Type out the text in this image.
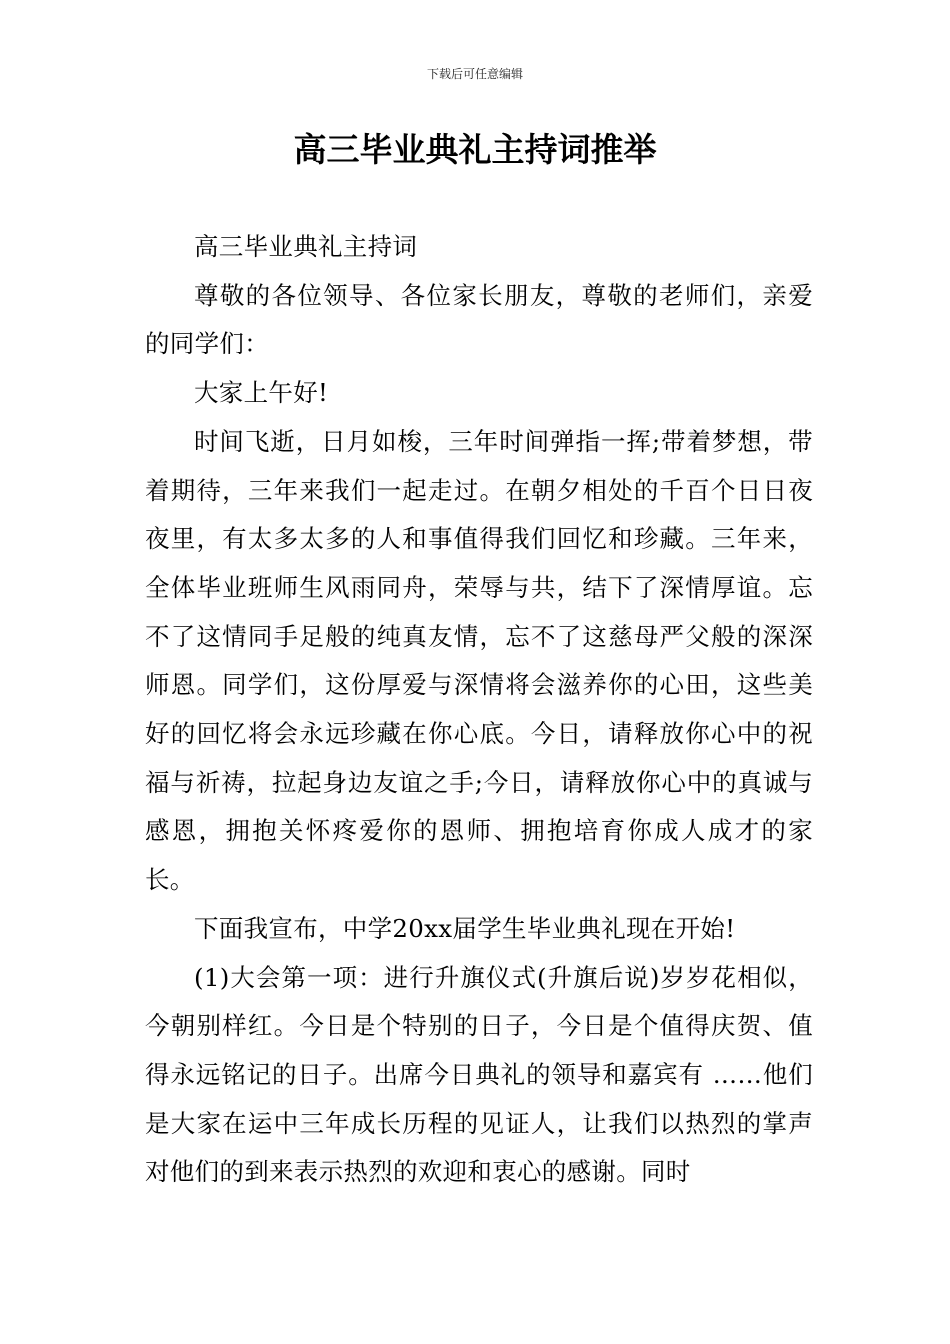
下载后可任意编辑
高三毕业典礼主持词推举

高三毕业典礼主持词

尊敬的各位领导、各位家长朋友，尊敬的老师们，亲爱的同学们：

大家上午好!

时间飞逝，日月如梭，三年时间弹指一挥;带着梦想，带着期待，三年来我们一起走过。在朝夕相处的千百个日日夜夜里，有太多太多的人和事值得我们回忆和珍藏。三年来，全体毕业班师生风雨同舟，荣辱与共，结下了深情厚谊。忘不了这情同手足般的纯真友情，忘不了这慈母严父般的深深师恩。同学们，这份厚爱与深情将会滋养你的心田，这些美好的回忆将会永远珍藏在你心底。今日，请释放你心中的祝福与祈祷，拉起身边友谊之手;今日，请释放你心中的真诚与感恩，拥抱关怀疼爱你的恩师、拥抱培育你成人成才的家长。

下面我宣布，中学20xx届学生毕业典礼现在开始!

(1)大会第一项：进行升旗仪式(升旗后说)岁岁花相似，今朝别样红。今日是个特别的日子，今日是个值得庆贺、值得永远铭记的日子。出席今日典礼的领导和嘉宾有 ……他们是大家在运中三年成长历程的见证人，让我们以热烈的掌声对他们的到来表示热烈的欢迎和衷心的感谢。同时
